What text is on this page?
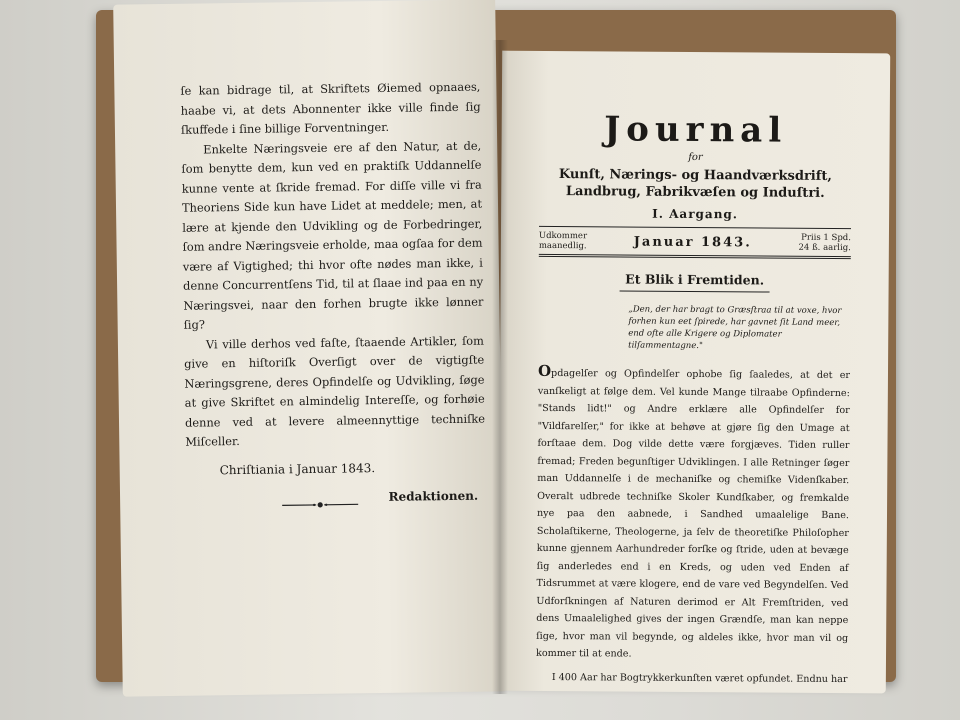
ſe kan bidrage til, at Skriftets Øiemed opnaaes, haabe vi, at dets Abonnenter ikke ville finde ſig ſkuffede i ſine billige Forventninger.

Enkelte Næringsveie ere af den Natur, at de, ſom benytte dem, kun ved en praktiſk Uddannelſe kunne vente at ſkride fremad. For diſſe ville vi fra Theoriens Side kun have Lidet at meddele; men, at lære at kjende den Udvikling og de Forbedringer, ſom andre Næringsveie erholde, maa ogſaa for dem være af Vigtighed; thi hvor ofte nødes man ikke, i denne Concurrentſens Tid, til at ſlaae ind paa en ny Næringsvei, naar den forhen brugte ikke lønner ſig?

Vi ville derhos ved faſte, ſtaaende Artikler, ſom give en hiſtoriſk Overſigt over de vigtigſte Næringsgrene, deres Opfindelſe og Udvikling, ſøge at give Skriftet en almindelig Intereſſe, og forhøie denne ved at levere almeennyttige techniſke Miſceller.

Chriſtiania i Januar 1843.

Redaktionen.

Journal

for

Kunſt, Nærings- og Haandværksdrift, Landbrug, Fabrikvæſen og Induſtri.

I. Aargang.

Udkommer
maanedlig.	Januar 1843.	Priis 1 Spd.
24 ß. aarlig.

Et Blik i Fremtiden.

„Den, der har bragt to Græsſtraa til at voxe, hvor forhen kun eet ſpirede, har gavnet ſit Land meer, end ofte alle Krigere og Diplomater tilſammentagne."

Opdagelſer og Opfindelſer ophobe ſig ſaaledes, at det er vanſkeligt at følge dem. Vel kunde Mange tilraabe Opfinderne: "Stands lidt!" og Andre erklære alle Opfindelſer for "Vildfarelſer," for ikke at behøve at gjøre ſig den Umage at forſtaae dem. Dog vilde dette være forgjæves. Tiden ruller fremad; Freden begunſtiger Udviklingen. I alle Retninger ſøger man Uddannelſe i de mechaniſke og chemiſke Videnſkaber. Overalt udbrede techniſke Skoler Kundſkaber, og fremkalde nye paa den aabnede, i Sandhed umaalelige Bane. Scholaſtikerne, Theologerne, ja ſelv de theoretiſke Philoſopher kunne gjennem Aarhundreder forſke og ſtride, uden at bevæge ſig anderledes end i en Kreds, og uden ved Enden af Tidsrummet at være klogere, end de vare ved Begyndelſen. Ved Udforſkningen af Naturen derimod er Alt Fremſtriden, ved dens Umaalelighed gives der ingen Grændſe, man kan neppe ſige, hvor man vil begynde, og aldeles ikke, hvor man vil og kommer til at ende.

I 400 Aar har Bogtrykkerkunſten været opfundet. Endnu har
